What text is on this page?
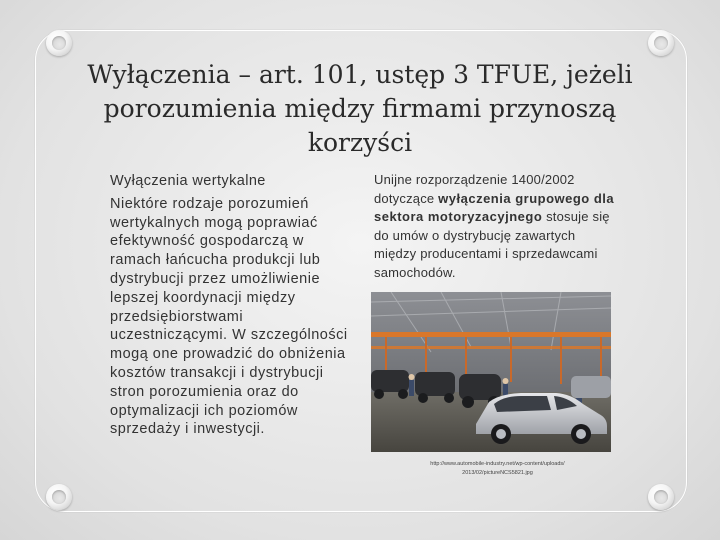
Wyłączenia – art. 101, ustęp 3 TFUE, jeżeli porozumienia między firmami przynoszą korzyści

Wyłączenia wertykalne

Niektóre rodzaje porozumień wertykalnych mogą poprawiać efektywność gospodarczą w ramach łańcucha produkcji lub dystrybucji przez umożliwienie lepszej koordynacji między przedsiębiorstwami uczestniczącymi. W szczególności mogą one prowadzić do obniżenia kosztów transakcji i dystrybucji stron porozumienia oraz do optymalizacji ich poziomów sprzedaży i inwestycji.

Unijne rozporządzenie 1400/2002 dotyczące wyłączenia grupowego dla sektora motoryzacyjnego stosuje się do umów o dystrybucję zawartych między producentami i sprzedawcami samochodów.

http://www.automobile-industry.net/wp-content/uploads/2013/02/pictureNCS5821.jpg
